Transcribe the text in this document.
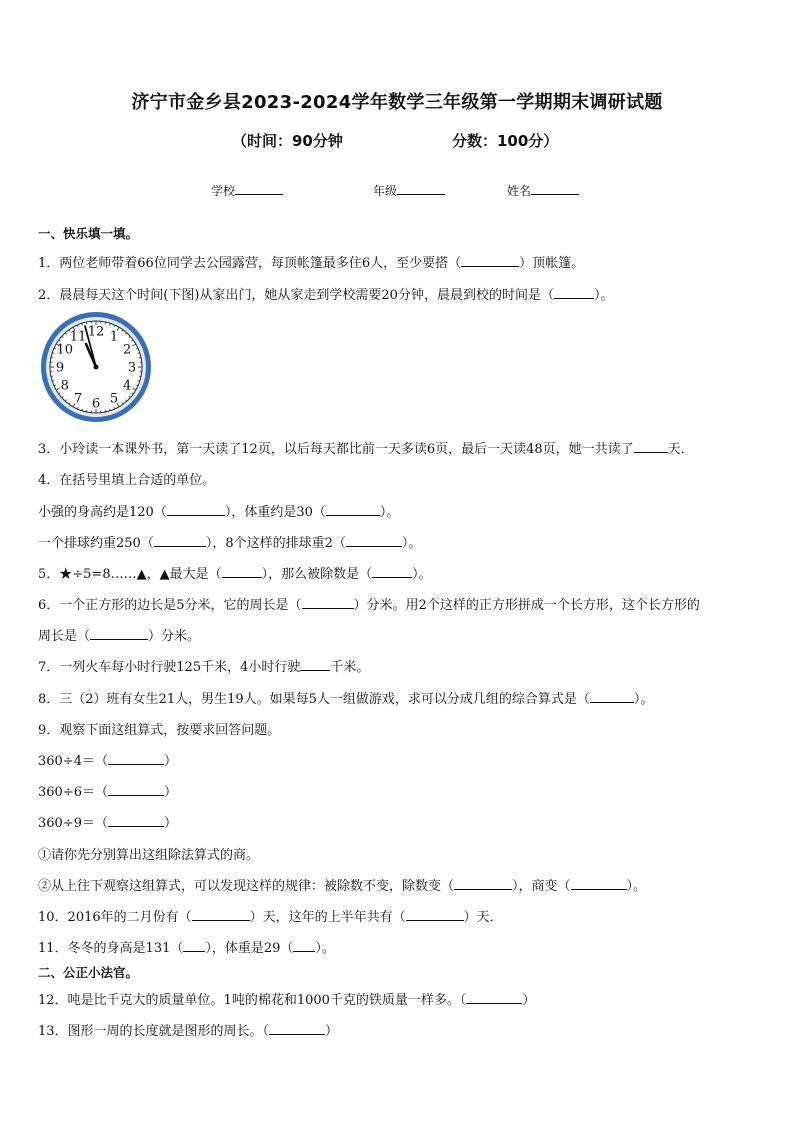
济宁市金乡县2023-2024学年数学三年级第一学期期末调研试题
（时间：90分钟	分数：100分）
学校	年级	姓名
一、快乐填一填。
1．两位老师带着66位同学去公园露营，每顶帐篷最多住6人，至少要搭（	）顶帐篷。
2．晨晨每天这个时间(下图)从家出门，她从家走到学校需要20分钟，晨晨到校的时间是（	）。
12 1
2
3
4
5
6
7
8
9
10
11
3．小玲读一本课外书，第一天读了12页，以后每天都比前一天多读6页，最后一天读48页，她一共读了	天．
4．在括号里填上合适的单位。
小强的身高约是120（	），体重约是30（	）。
一个排球约重250（	），8个这样的排球重2（	）。
5．★÷5=8……▲，▲最大是（	），那么被除数是（	）。
6．一个正方形的边长是5分米，它的周长是（	）分米。用2个这样的正方形拼成一个长方形，这个长方形的
周长是（	）分米。
7．一列火车每小时行驶125千米，4小时行驶 千米。
8．三（2）班有女生21人，男生19人。如果每5人一组做游戏，求可以分成几组的综合算式是（	）。
9．观察下面这组算式，按要求回答问题。
360÷4＝（	）
360÷6＝（	）
360÷9＝（	）
①请你先分别算出这组除法算式的商。
②从上往下观察这组算式，可以发现这样的规律：被除数不变，除数变（	），商变（	）。
10．2016年的二月份有（	）天，这年的上半年共有（	）天．
11．冬冬的身高是131（ ），体重是29（ ）。
二、公正小法官。
12．吨是比千克大的质量单位。1吨的棉花和1000千克的铁质量一样多。（	）
13．图形一周的长度就是图形的周长。（	）
